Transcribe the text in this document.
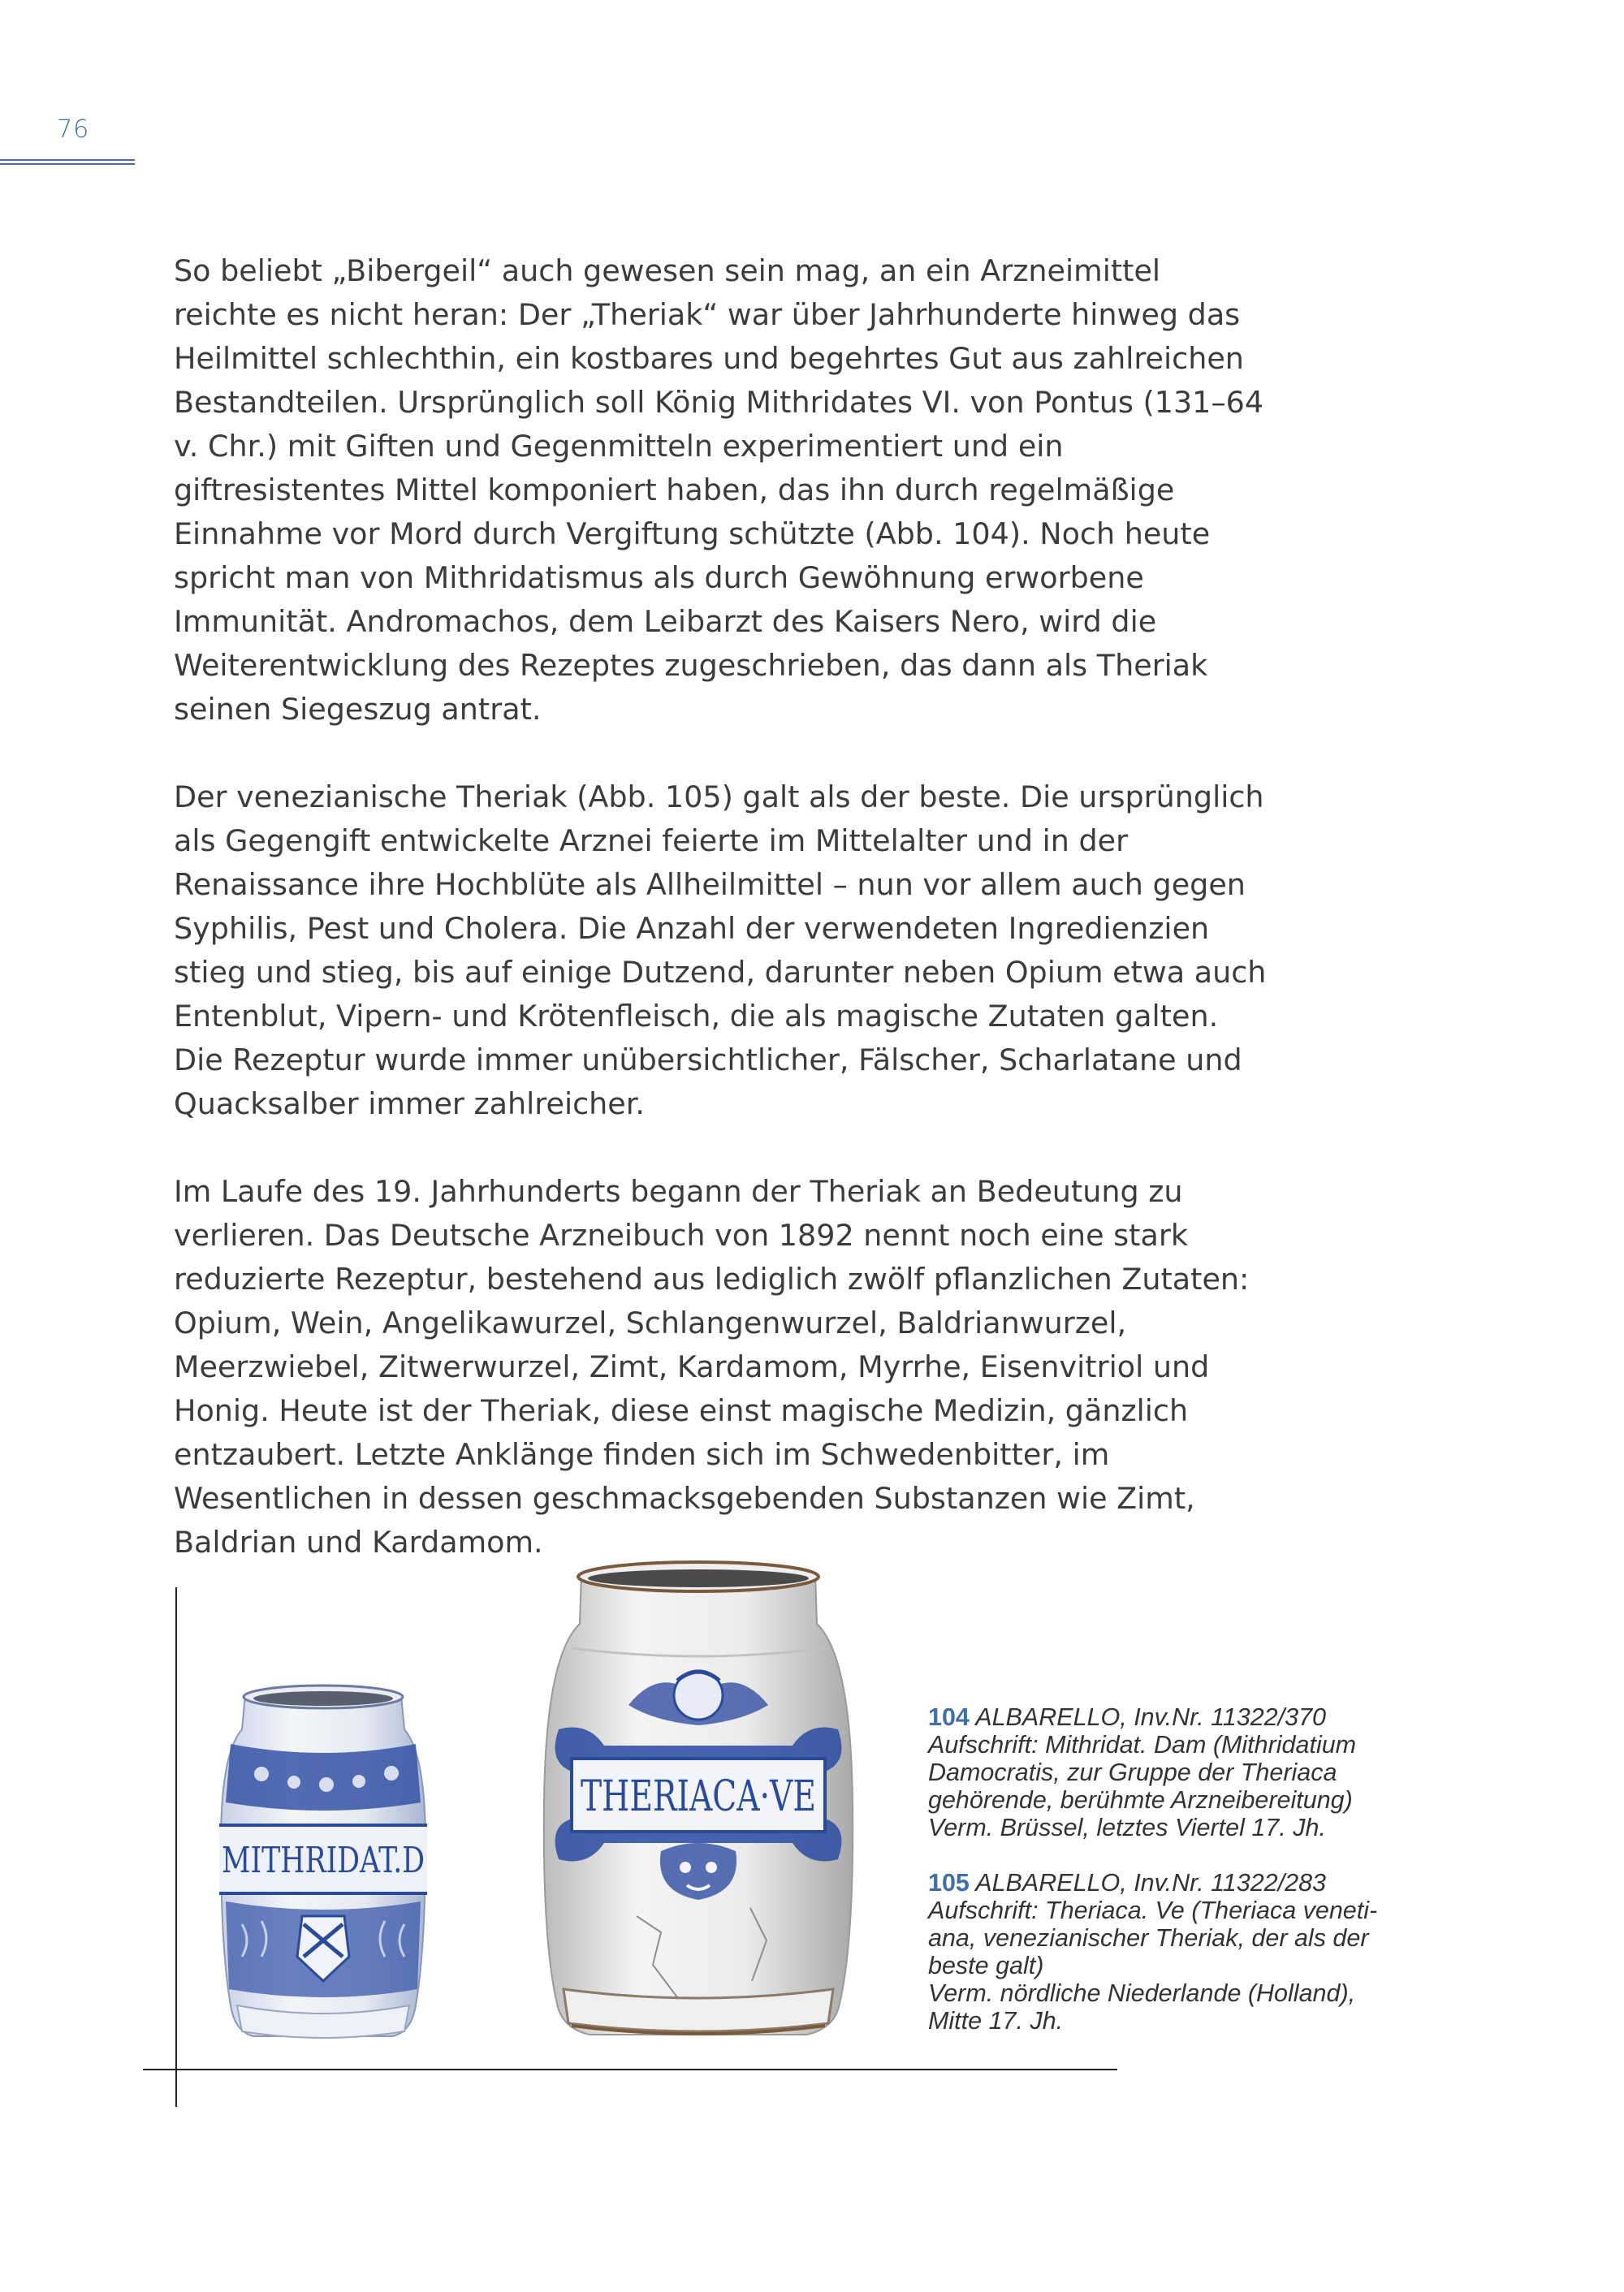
76

So beliebt „Bibergeil“ auch gewesen sein mag, an ein Arzneimittel reichte es nicht heran: Der „Theriak“ war über Jahrhunderte hinweg das Heilmittel schlechthin, ein kostbares und begehrtes Gut aus zahlreichen Bestandteilen. Ursprünglich soll König Mithridates VI. von Pontus (131–64 v. Chr.) mit Giften und Gegenmitteln experimentiert und ein giftresistentes Mittel komponiert haben, das ihn durch regelmäßige Einnahme vor Mord durch Vergiftung schützte (Abb. 104). Noch heute spricht man von Mithridatismus als durch Gewöhnung erworbene Immunität. Andromachos, dem Leibarzt des Kaisers Nero, wird die Weiterentwicklung des Rezeptes zugeschrieben, das dann als Theriak seinen Siegeszug antrat.

Der venezianische Theriak (Abb. 105) galt als der beste. Die ursprünglich als Gegengift entwickelte Arznei feierte im Mittelalter und in der Renaissance ihre Hochblüte als Allheilmittel – nun vor allem auch gegen Syphilis, Pest und Cholera. Die Anzahl der verwendeten Ingredienzien stieg und stieg, bis auf einige Dutzend, darunter neben Opium etwa auch Entenblut, Vipern- und Krötenfleisch, die als magische Zutaten galten. Die Rezeptur wurde immer unübersichtlicher, Fälscher, Scharlatane und Quacksalber immer zahlreicher.

Im Laufe des 19. Jahrhunderts begann der Theriak an Bedeutung zu verlieren. Das Deutsche Arzneibuch von 1892 nennt noch eine stark reduzierte Rezeptur, bestehend aus lediglich zwölf pflanzlichen Zutaten: Opium, Wein, Angelikawurzel, Schlangenwurzel, Baldrianwurzel, Meerzwiebel, Zitwerwurzel, Zimt, Kardamom, Myrrhe, Eisenvitriol und Honig. Heute ist der Theriak, diese einst magische Medizin, gänzlich entzaubert. Letzte Anklänge finden sich im Schwedenbitter, im Wesentlichen in dessen geschmacksgebenden Substanzen wie Zimt, Baldrian und Kardamom.

MITHRIDAT.D
THERIACA·VE
104 ALBARELLO, Inv.Nr. 11322/370
Aufschrift: Mithridat. Dam (Mithridatium
Damocratis, zur Gruppe der Theriaca
gehörende, berühmte Arzneibereitung)
Verm. Brüssel, letztes Viertel 17. Jh.
105 ALBARELLO, Inv.Nr. 11322/283
Aufschrift: Theriaca. Ve (Theriaca veneti-
ana, venezianischer Theriak, der als der
beste galt)
Verm. nördliche Niederlande (Holland),
Mitte 17. Jh.
